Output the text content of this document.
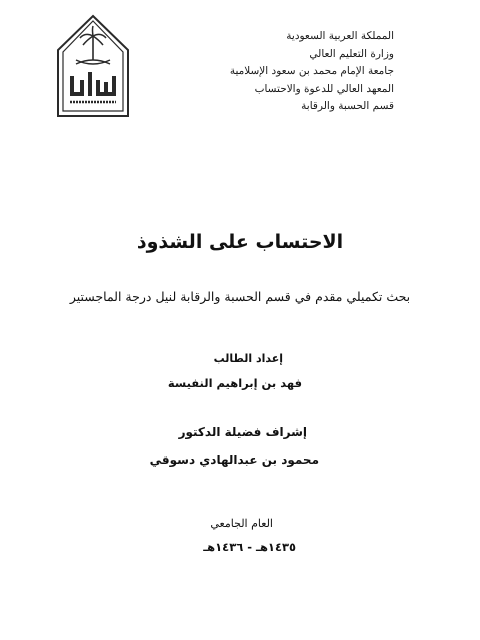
المملكة العربية السعودية
وزارة التعليم العالي
جامعة الإمام محمد بن سعود الإسلامية
المعهد العالي للدعوة والاحتساب
قسم الحسبة والرقابة
الاحتساب على الشذوذ
بحث تكميلي مقدم في قسم الحسبة والرقابة لنيل درجة الماجستير
إعداد الطالب
فهد بن إبراهيم النفيسة
إشراف فضيلة الدكتور
محمود بن عبدالهادي دسوقي
العام الجامعي
١٤٣٥هـ - ١٤٣٦هـ
